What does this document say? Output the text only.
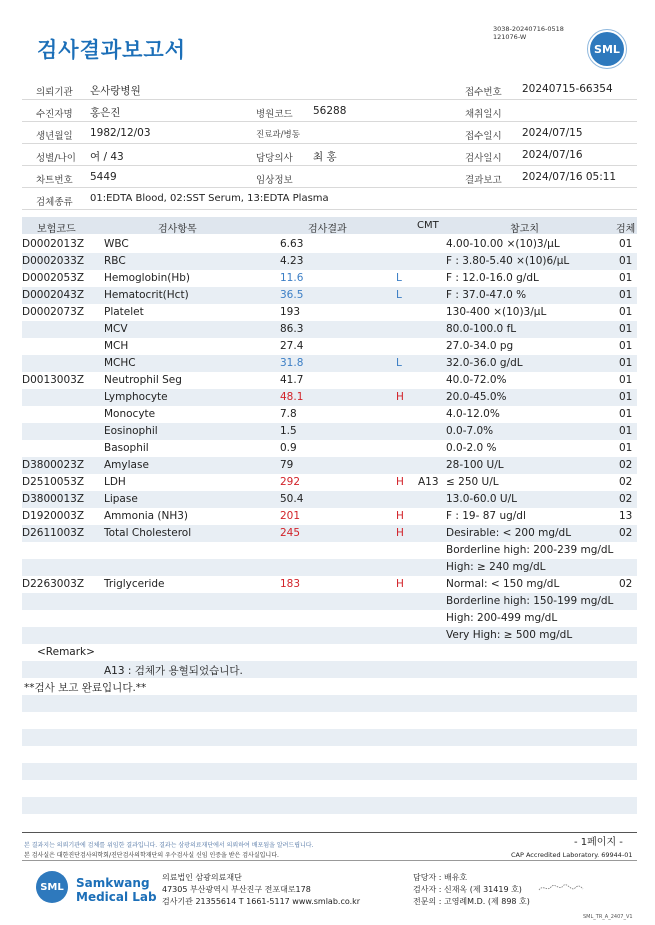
검사결과보고서
3038-20240716-0518
121076-W
SML
의뢰기관 온사랑병원	접수번호 20240715-66354
수진자명 홍은진	병원코드 56288	채취일시
생년월일 1982/12/03	진료과/병동	접수일시 2024/07/15
성별/나이 여 / 43	담당의사 최 홍	검사일시 2024/07/16
차트번호 5449	임상정보	결과보고 2024/07/16 05:11
검체종류 01:EDTA Blood, 02:SST Serum, 13:EDTA Plasma
보험코드	검사항목	검사결과	CMT	참고치	검체
D0002013Z WBC	6.63	4.00-10.00 ×(10)3/μL	01
D0002033Z RBC	4.23	F : 3.80-5.40 ×(10)6/μL	01
D0002053Z Hemoglobin(Hb)	11.6	L	F : 12.0-16.0 g/dL	01
D0002043Z Hematocrit(Hct)	36.5	L	F : 37.0-47.0 %	01
D0002073Z Platelet	193	130-400 ×(10)3/μL	01
MCV	86.3	80.0-100.0 fL	01
MCH	27.4	27.0-34.0 pg	01
MCHC	31.8	L	32.0-36.0 g/dL	01
D0013003Z Neutrophil Seg	41.7	40.0-72.0%	01
Lymphocyte	48.1	H	20.0-45.0%	01
Monocyte	7.8	4.0-12.0%	01
Eosinophil	1.5	0.0-7.0%	01
Basophil	0.9	0.0-2.0 %	01
D3800023Z Amylase	79	28-100 U/L	02
D2510053Z LDH	292	H A13 ≤ 250 U/L	02
D3800013Z Lipase	50.4	13.0-60.0 U/L	02
D1920003Z Ammonia (NH3)	201	H	F : 19- 87 ug/dl	13
D2611003Z Total Cholesterol	245	H	Desirable: < 200 mg/dL	02
Borderline high: 200-239 mg/dL
High: ≥ 240 mg/dL
D2263003Z Triglyceride	183	H	Normal: < 150 mg/dL	02
Borderline high: 150-199 mg/dL
High: 200-499 mg/dL
Very High: ≥ 500 mg/dL
<Remark>
A13 : 검체가 용혈되었습니다.
**검사 보고 완료입니다.**
본 결과지는 의뢰기관에 검체를 위임한 결과입니다. 결과는 삼광의료재단에서 의뢰하여 배포됨을 알려드립니다.
본 검사실은 대한진단검사의학회/진단검사의학재단의 우수검사실 신임 인증을 받은 검사실입니다.
- 1페이지 -
CAP Accredited Laboratory. 69944-01
SML	Samkwang
Medical Lab
의료법인 삼광의료재단
47305 부산광역시 부산진구 전포대로178
검사기관 21355614 T 1661-5117 www.smlab.co.kr
담당자 : 배유호
검사자 : 신재옥 (제 31419 호)
전문의 : 고영례M.D. (제 898 호)
SML_TR_A_2407_V1
